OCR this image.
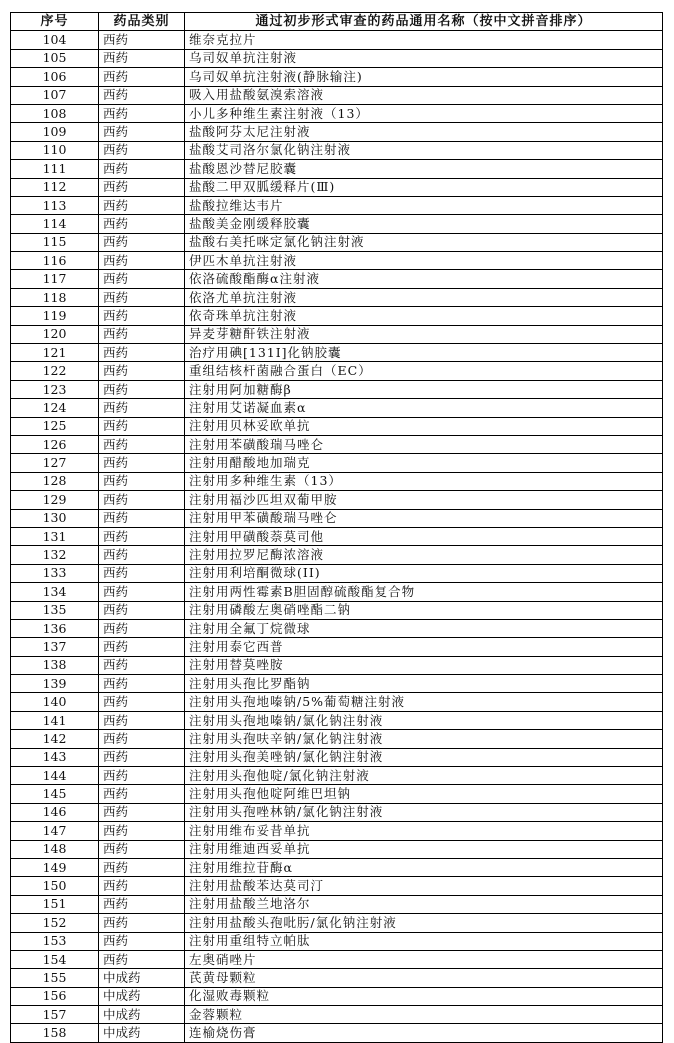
序号	药品类别	通过初步形式审查的药品通用名称（按中文拼音排序）
104	西药	维奈克拉片
105	西药	乌司奴单抗注射液
106	西药	乌司奴单抗注射液(静脉输注)
107	西药	吸入用盐酸氨溴索溶液
108	西药	小儿多种维生素注射液（13）
109	西药	盐酸阿芬太尼注射液
110	西药	盐酸艾司洛尔氯化钠注射液
111	西药	盐酸恩沙替尼胶囊
112	西药	盐酸二甲双胍缓释片(Ⅲ)
113	西药	盐酸拉维达韦片
114	西药	盐酸美金刚缓释胶囊
115	西药	盐酸右美托咪定氯化钠注射液
116	西药	伊匹木单抗注射液
117	西药	依洛硫酸酯酶α注射液
118	西药	依洛尤单抗注射液
119	西药	依奇珠单抗注射液
120	西药	异麦芽糖酐铁注射液
121	西药	治疗用碘[131I]化钠胶囊
122	西药	重组结核杆菌融合蛋白（EC）
123	西药	注射用阿加糖酶β
124	西药	注射用艾诺凝血素α
125	西药	注射用贝林妥欧单抗
126	西药	注射用苯磺酸瑞马唑仑
127	西药	注射用醋酸地加瑞克
128	西药	注射用多种维生素（13）
129	西药	注射用福沙匹坦双葡甲胺
130	西药	注射用甲苯磺酸瑞马唑仑
131	西药	注射用甲磺酸萘莫司他
132	西药	注射用拉罗尼酶浓溶液
133	西药	注射用利培酮微球(II)
134	西药	注射用两性霉素B胆固醇硫酸酯复合物
135	西药	注射用磷酸左奥硝唑酯二钠
136	西药	注射用全氟丁烷微球
137	西药	注射用泰它西普
138	西药	注射用替莫唑胺
139	西药	注射用头孢比罗酯钠
140	西药	注射用头孢地嗪钠/5%葡萄糖注射液
141	西药	注射用头孢地嗪钠/氯化钠注射液
142	西药	注射用头孢呋辛钠/氯化钠注射液
143	西药	注射用头孢美唑钠/氯化钠注射液
144	西药	注射用头孢他啶/氯化钠注射液
145	西药	注射用头孢他啶阿维巴坦钠
146	西药	注射用头孢唑林钠/氯化钠注射液
147	西药	注射用维布妥昔单抗
148	西药	注射用维迪西妥单抗
149	西药	注射用维拉苷酶α
150	西药	注射用盐酸苯达莫司汀
151	西药	注射用盐酸兰地洛尔
152	西药	注射用盐酸头孢吡肟/氯化钠注射液
153	西药	注射用重组特立帕肽
154	西药	左奥硝唑片
155	中成药	芪黄母颗粒
156	中成药	化湿败毒颗粒
157	中成药	金蓉颗粒
158	中成药	连榆烧伤膏
